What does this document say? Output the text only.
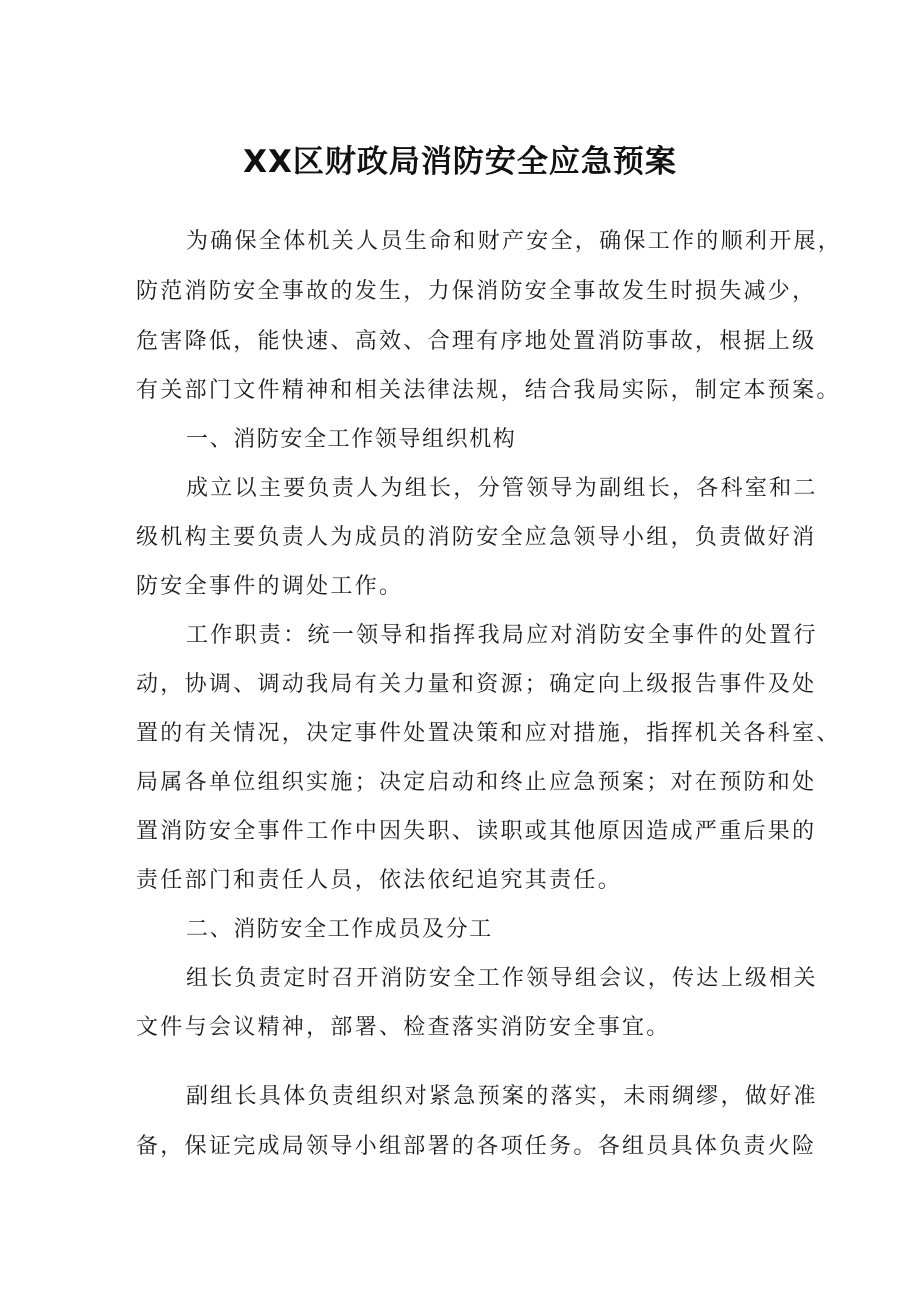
XX区财政局消防安全应急预案

为确保全体机关人员生命和财产安全，确保工作的顺利开展，

防范消防安全事故的发生，力保消防安全事故发生时损失减少，

危害降低，能快速、高效、合理有序地处置消防事故，根据上级

有关部门文件精神和相关法律法规，结合我局实际，制定本预案。

一、消防安全工作领导组织机构

成立以主要负责人为组长，分管领导为副组长，各科室和二

级机构主要负责人为成员的消防安全应急领导小组，负责做好消

防安全事件的调处工作。

工作职责：统一领导和指挥我局应对消防安全事件的处置行

动，协调、调动我局有关力量和资源；确定向上级报告事件及处

置的有关情况，决定事件处置决策和应对措施，指挥机关各科室、

局属各单位组织实施；决定启动和终止应急预案；对在预防和处

置消防安全事件工作中因失职、读职或其他原因造成严重后果的

责任部门和责任人员，依法依纪追究其责任。

二、消防安全工作成员及分工

组长负责定时召开消防安全工作领导组会议，传达上级相关

文件与会议精神，部署、检查落实消防安全事宜。

副组长具体负责组织对紧急预案的落实，未雨绸缪，做好准

备，保证完成局领导小组部署的各项任务。各组员具体负责火险
